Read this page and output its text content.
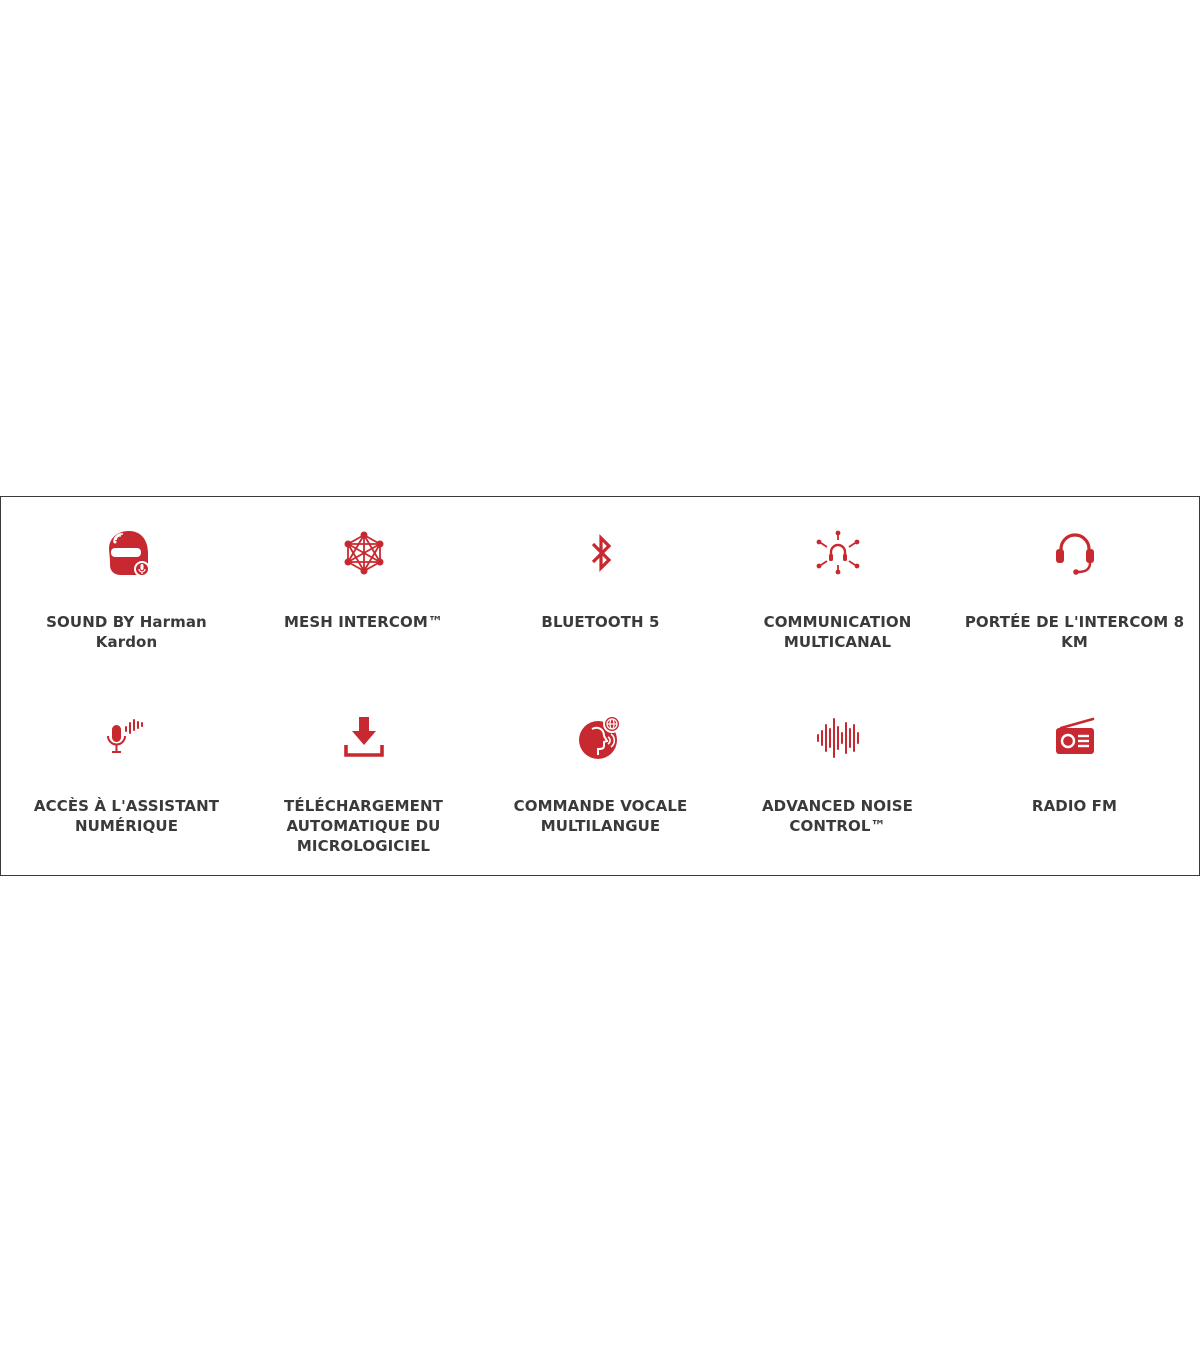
SOUND BY Harman Kardon
MESH INTERCOM™	BLUETOOTH 5	COMMUNICATION MULTICANAL
PORTÉE DE L'INTERCOM 8 KM
ACCÈS À L'ASSISTANT NUMÉRIQUE
TÉLÉCHARGEMENT AUTOMATIQUE DU MICROLOGICIEL
COMMANDE VOCALE MULTILANGUE
ADVANCED NOISE CONTROL™
RADIO FM
